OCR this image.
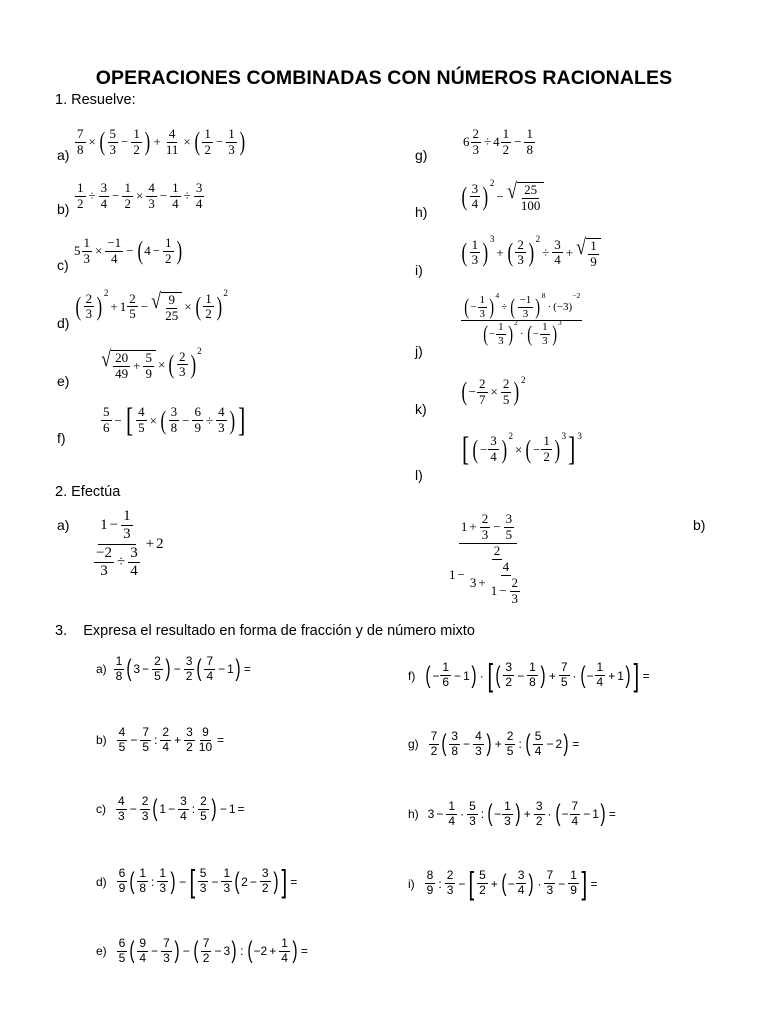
OPERACIONES COMBINADAS CON NÚMEROS RACIONALES
1. Resuelve:
$a) \frac{7}{8}$ × ( 5
$3 - \frac{1}{2}$ ) + $\frac{4}{11}$ × ( 1
$2 - \frac{1}{3}$ )
$b) \frac{1}{2} \div \frac{3}{4} - \frac{1}{2} \times \frac{4}{3} - \frac{1}{4} \div \frac{3}{4}$
c)
$5 \frac{1}{3} \times \frac{-1}{4}$ − ( $4 - \frac{1}{2}$ )
d)
( 2
3 ) 2
+ 1
2
5 − √ 9
25
× ( 1
2 ) 2
e)
√ 20
$49 + \frac{5}{9}$ × ( 2
3 ) 2
f)
5
6 − [ $\frac{4}{5}$ × ( 3
$8 - \frac{6}{9} \div \frac{4}{3}$ ) ]
g)
$6 \frac{2}{3} \div 4$
1
$2 - \frac{1}{8}$
h)
( 3
4 ) 2
− √ 25
100
i)
( 1
3 ) 3
+ ( 2
3 ) 2
÷ $\frac{3}{4}$ + √ 1
9
j)
( − $\frac{1}{3}$ ) 4
÷ ( −1
3 ) 8
· (−3)
−2
( − $\frac{1}{3}$ ) 2
· ( − $\frac{1}{3}$ ) 3
k)
( − $\frac{2}{7} \times \frac{2}{5}$ ) 2
l)
[ ( − $\frac{3}{4}$ ) 2
× ( − $\frac{1}{2}$ ) 3 ] 3
2. Efectúa
a) $1 - \frac{1}{3}$
$\frac{-2}{3} \div \frac{3}{4}$
+ 2
b)
$1 + \frac{2}{3} - \frac{3}{5}$
$1 - \frac{2}{3 + \frac{4}{1 - \frac{2}{3}}}$
3.    Expresa el resultado en forma de fracción y de número mixto
a)
1
8 ( $3 - \frac{2}{5}$ ) − $\frac{3}{2}$ ( 7
4 − 1 ) =
b)
4
$5 - \frac{7}{5}$ :
2
$4 + \frac{3}{2} \frac{9}{10}$ =
c)
4
$3 - \frac{2}{3}$ ( $1 - \frac{3}{4}$ :
2
5 ) − 1 =
d)
6
9 ( 1
8 :
1
3 ) − [ 5
$3 - \frac{1}{3}$ ( $2 - \frac{3}{2}$ ) ] =
e)
6
5 ( 9
$4 - \frac{7}{3}$ ) − ( 7
2 − 3 ) : ( $-2 + \frac{1}{4}$ ) =
f) ( − $\frac{1}{6} - 1$ ) · [ ( 3
$2 - \frac{1}{8}$ ) + $\frac{7}{5}$ · ( − $\frac{1}{4} + 1$ ) ] =
g)
7
2 ( 3
$8 - \frac{4}{3}$ ) + $\frac{2}{5}$ : ( 5
4 − 2 ) =
h) $3 - \frac{1}{4}$ ·
5
3 : ( − $\frac{1}{3}$ ) + $\frac{3}{2}$ · ( − $\frac{7}{4} - 1$ ) =
i)
8
9 :
2
3 − [ 5
2 + ( − $\frac{3}{4}$ ) ·
7
$3 - \frac{1}{9}$ ] =
